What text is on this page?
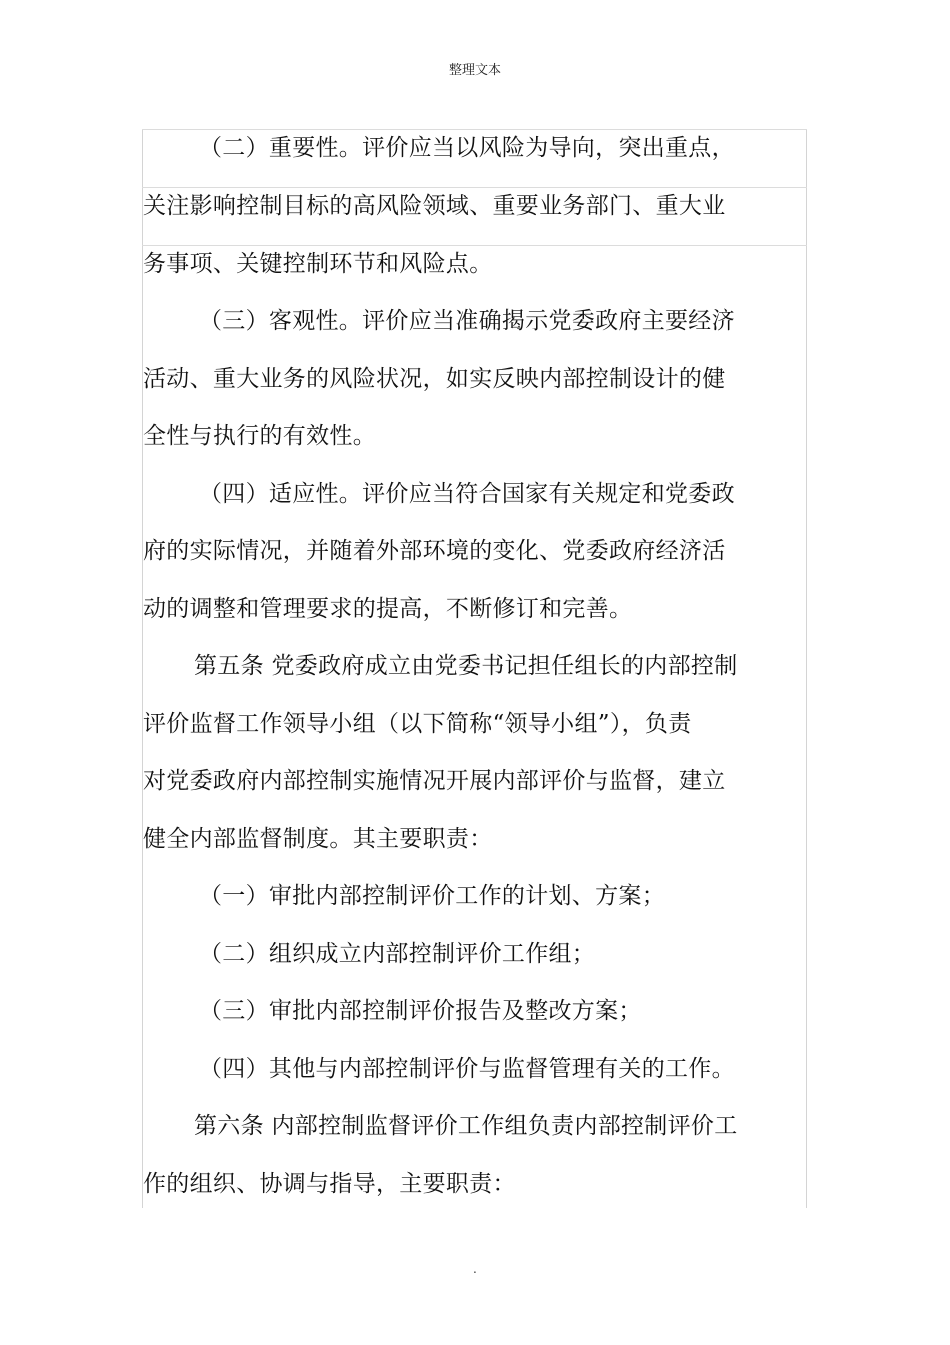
整理文本
（二）重要性。评价应当以风险为导向，突出重点，
关注影响控制目标的高风险领域、重要业务部门、重大业
务事项、关键控制环节和风险点。
（三）客观性。评价应当准确揭示党委政府主要经济
活动、重大业务的风险状况，如实反映内部控制设计的健
全性与执行的有效性。
（四）适应性。评价应当符合国家有关规定和党委政
府的实际情况，并随着外部环境的变化、党委政府经济活
动的调整和管理要求的提高，不断修订和完善。
第五条 党委政府成立由党委书记担任组长的内部控制
评价监督工作领导小组（以下简称“领导小组”），负责
对党委政府内部控制实施情况开展内部评价与监督，建立
健全内部监督制度。其主要职责：
（一）审批内部控制评价工作的计划、方案；
（二）组织成立内部控制评价工作组；
（三）审批内部控制评价报告及整改方案；
（四）其他与内部控制评价与监督管理有关的工作。
第六条 内部控制监督评价工作组负责内部控制评价工
作的组织、协调与指导，主要职责：
.
